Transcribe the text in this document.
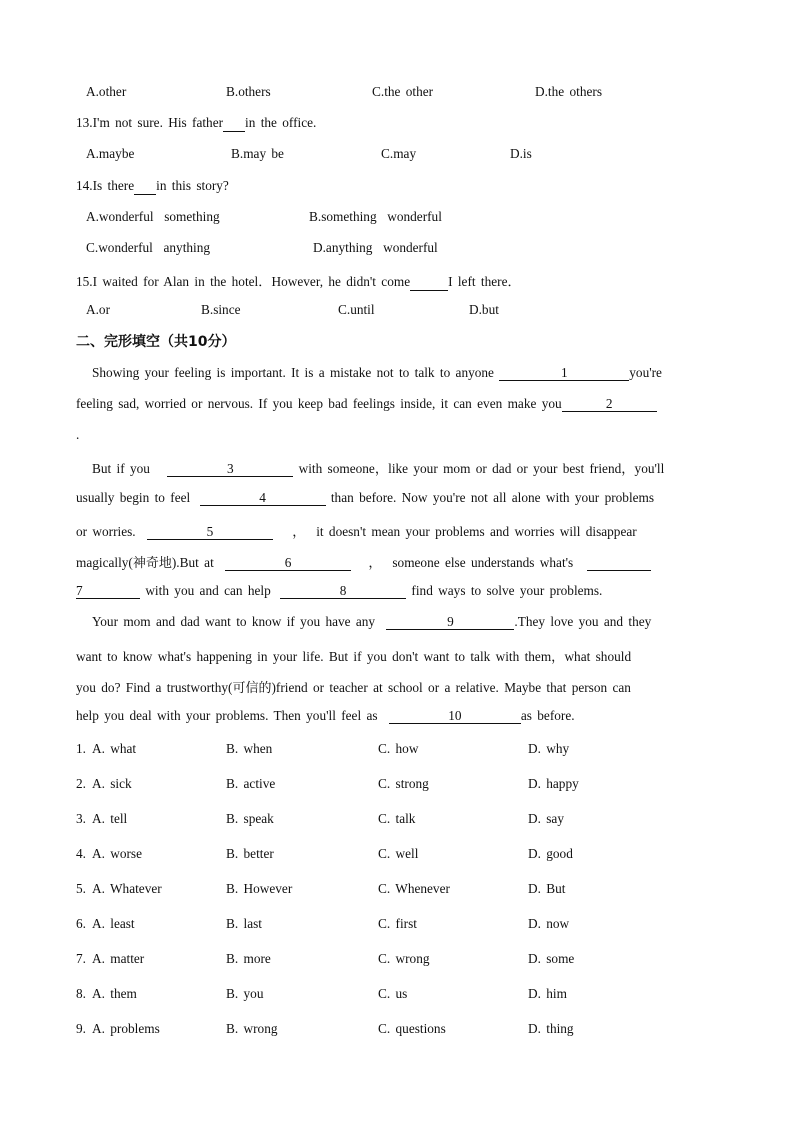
A.other	B.others	C.the other	D.the others
13.I'm not sure. His father in the office.
A.maybe	B.may be	C.may	D.is
14.Is there in this story?
A.wonderful  something	B.something  wonderful
C.wonderful  anything	D.anything  wonderful
15.I waited for Alan in the hotel．However, he didn't come	I left there．
A.or	B.since	C.until	D.but
二、完形填空（共10分）
Showing your feeling is important. It is a mistake not to talk to anyone	1	you're
feeling sad, worried or nervous. If you keep bad feelings inside, it can even make you	2
.
But if you	3	with someone，like your mom or dad or your best friend，you'll
usually begin to feel	4	than before. Now you're not all alone with your problems
or worries.	5	，  it doesn't mean your problems and worries will disappear
magically(神奇地).But at	6	，  someone else understands what's
7	with you and can help	8	find ways to solve your problems.
Your mom and dad want to know if you have any	9	.They love you and they
want to know what's happening in your life. But if you don't want to talk with them，what should
you do? Find a trustworthy(可信的)friend or teacher at school or a relative. Maybe that person can
help you deal with your problems. Then you'll feel as	10	as before.
1. A. what	B. when	C. how	D. why
2. A. sick	B. active	C. strong	D. happy
3. A. tell	B. speak	C. talk	D. say
4. A. worse	B. better	C. well	D. good
5. A. Whatever	B. However	C. Whenever	D. But
6. A. least	B. last	C. first	D. now
7. A. matter	B. more	C. wrong	D. some
8. A. them	B. you	C. us	D. him
9. A. problems	B. wrong	C. questions	D. thing
